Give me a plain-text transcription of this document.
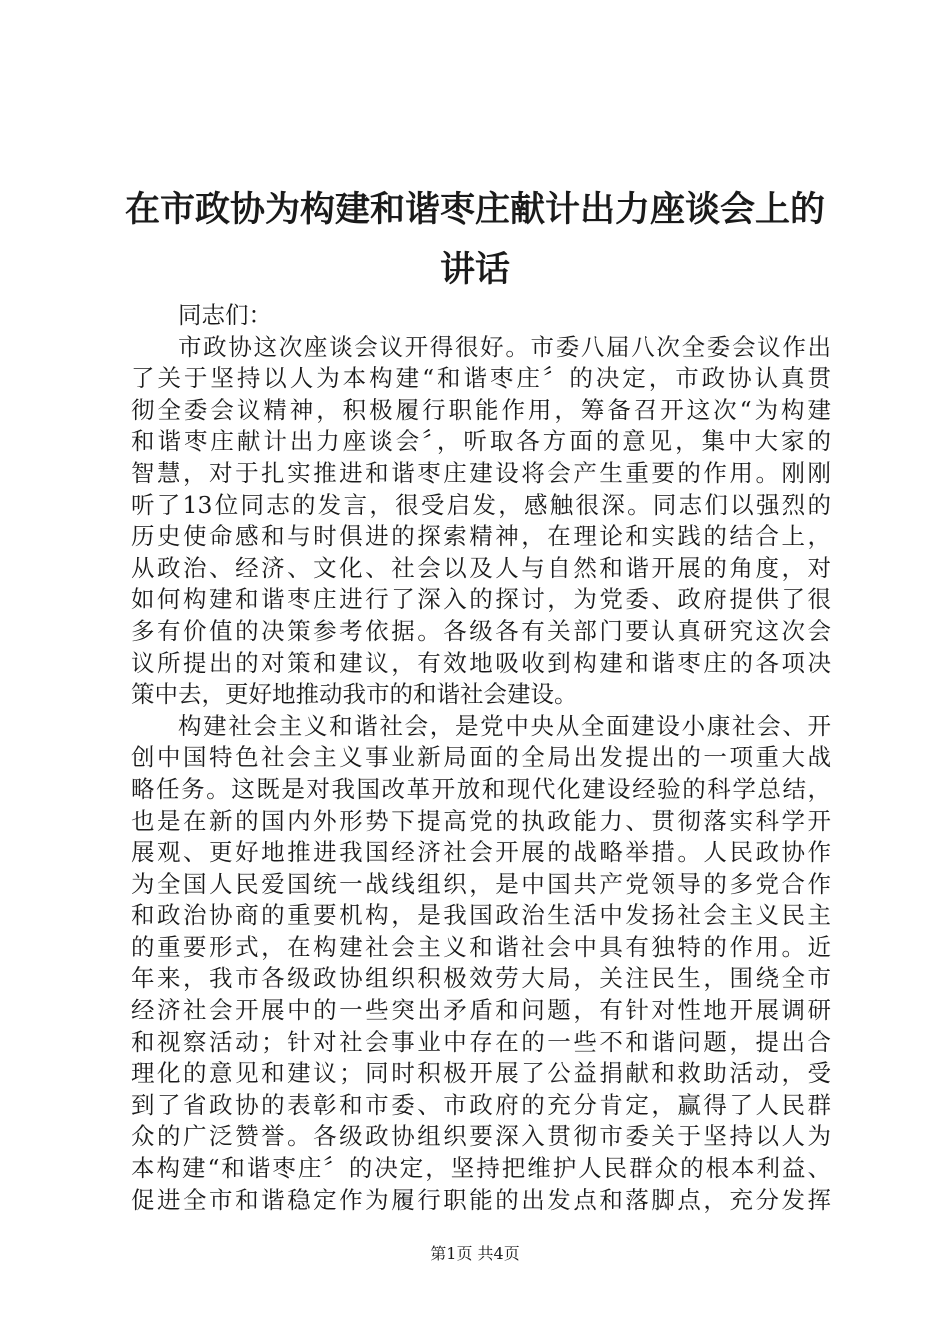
在市政协为构建和谐枣庄献计出力座谈会上的
讲话
同志们：
市政协这次座谈会议开得很好。市委八届八次全委会议作出
了关于坚持以人为本构建“和谐枣庄〞的决定，市政协认真贯
彻全委会议精神，积极履行职能作用，筹备召开这次“为构建
和谐枣庄献计出力座谈会〞，听取各方面的意见，集中大家的
智慧，对于扎实推进和谐枣庄建设将会产生重要的作用。刚刚
听了13位同志的发言，很受启发，感触很深。同志们以强烈的
历史使命感和与时俱进的探索精神，在理论和实践的结合上，
从政治、经济、文化、社会以及人与自然和谐开展的角度，对
如何构建和谐枣庄进行了深入的探讨，为党委、政府提供了很
多有价值的决策参考依据。各级各有关部门要认真研究这次会
议所提出的对策和建议，有效地吸收到构建和谐枣庄的各项决
策中去，更好地推动我市的和谐社会建设。
构建社会主义和谐社会，是党中央从全面建设小康社会、开
创中国特色社会主义事业新局面的全局出发提出的一项重大战
略任务。这既是对我国改革开放和现代化建设经验的科学总结，
也是在新的国内外形势下提高党的执政能力、贯彻落实科学开
展观、更好地推进我国经济社会开展的战略举措。人民政协作
为全国人民爱国统一战线组织，是中国共产党领导的多党合作
和政治协商的重要机构，是我国政治生活中发扬社会主义民主
的重要形式，在构建社会主义和谐社会中具有独特的作用。近
年来，我市各级政协组织积极效劳大局，关注民生，围绕全市
经济社会开展中的一些突出矛盾和问题，有针对性地开展调研
和视察活动；针对社会事业中存在的一些不和谐问题，提出合
理化的意见和建议；同时积极开展了公益捐献和救助活动，受
到了省政协的表彰和市委、市政府的充分肯定，赢得了人民群
众的广泛赞誉。各级政协组织要深入贯彻市委关于坚持以人为
本构建“和谐枣庄〞的决定，坚持把维护人民群众的根本利益、
促进全市和谐稳定作为履行职能的出发点和落脚点，充分发挥
第1页 共4页
